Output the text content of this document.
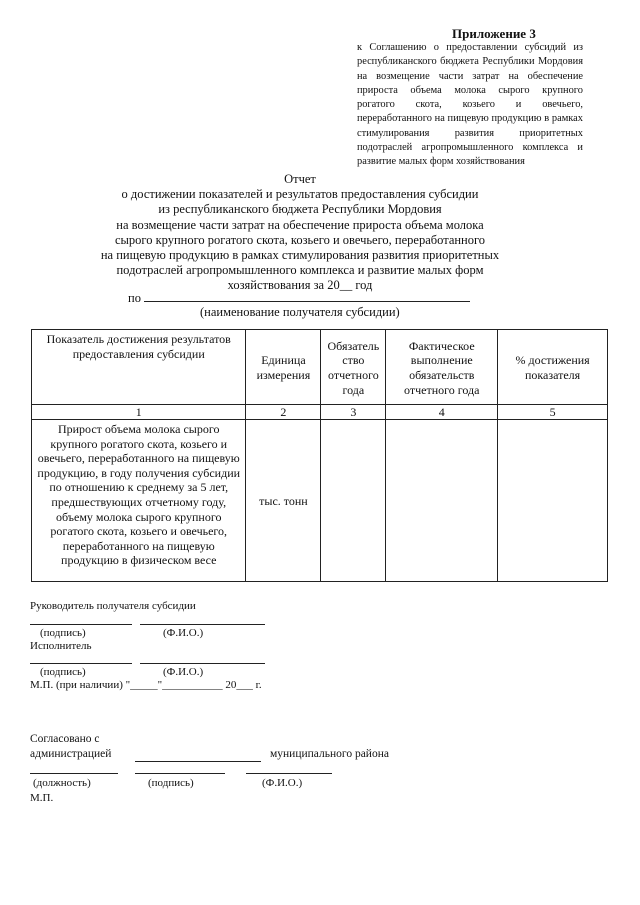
Приложение 3
к Соглашению о предоставлении субсидий из республиканского бюджета Республики Мордовия на возмещение части затрат на обеспечение прироста объема молока сырого крупного рогатого скота, козьего и овечьего, переработанного на пищевую продукцию в рамках стимулирования развития приоритетных подотраслей агропромышленного комплекса и развитие малых форм хозяйствования
Отчет
о достижении показателей и результатов предоставления субсидии
из республиканского бюджета Республики Мордовия
на возмещение части затрат на обеспечение прироста объема молока
сырого крупного рогатого скота, козьего и овечьего, переработанного
на пищевую продукцию в рамках стимулирования развития приоритетных
подотраслей агропромышленного комплекса и развитие малых форм
хозяйствования за 20__ год
по
(наименование получателя субсидии)
Показатель достижения результатов предоставления субсидии	Единица измерения	Обязатель ство отчетного года	Фактическое выполнение обязательств отчетного года	% достижения показателя
1	2	3	4	5
Прирост объема молока сырого крупного рогатого скота, козьего и овечьего, переработанного на пищевую продукцию, в году получения субсидии по отношению к среднему за 5 лет, предшествующих отчетному году, объему молока сырого крупного рогатого скота, козьего и овечьего, переработанного на пищевую продукцию в физическом весе	тыс. тонн			
Руководитель получателя субсидии
(подпись)	(Ф.И.О.)
Исполнитель
(подпись)	(Ф.И.О.)
М.П. (при наличии) "_____"___________ 20___ г.
Согласовано с
администрацией	муниципального района
(должность)	(подпись)	(Ф.И.О.)
М.П.
